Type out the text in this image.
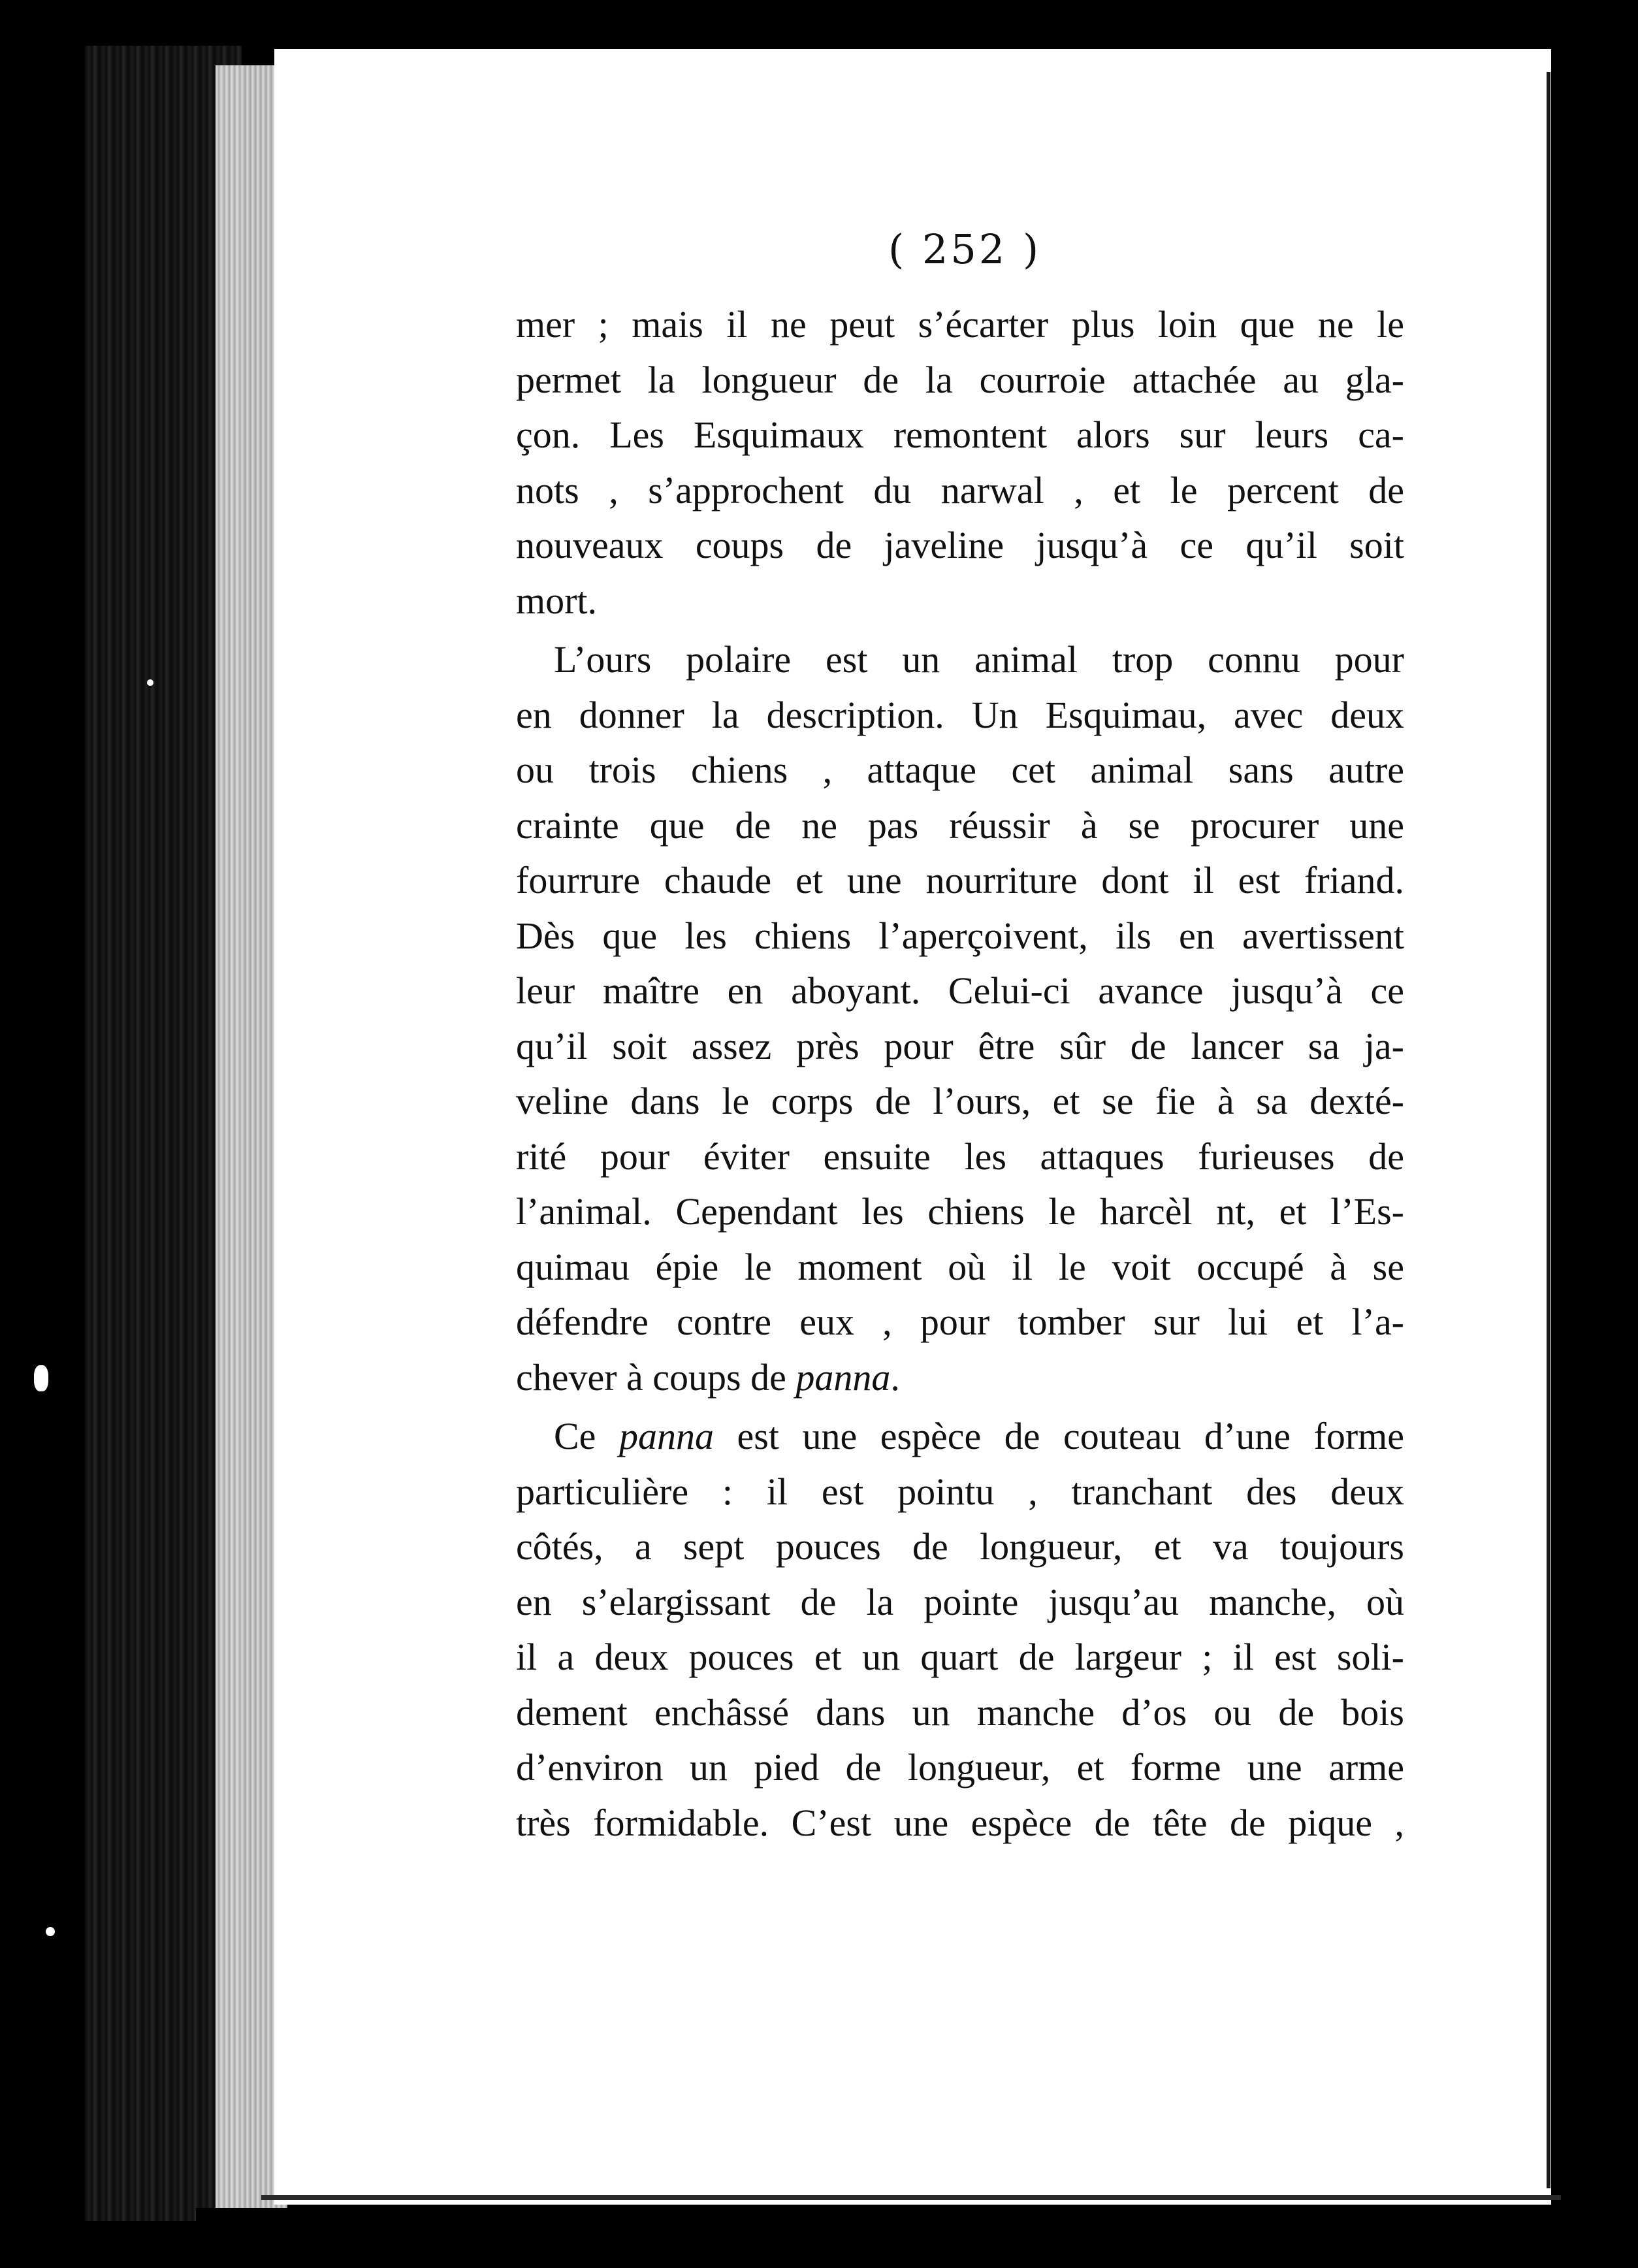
( 252 )
mer ; mais il ne peut s’écarter plus loin que ne le
permet la longueur de la courroie attachée au gla-
çon. Les Esquimaux remontent alors sur leurs ca-
nots , s’approchent du narwal , et le percent de
nouveaux coups de javeline jusqu’à ce qu’il soit
mort.
L’ours polaire est un animal trop connu pour
en donner la description. Un Esquimau, avec deux
ou trois chiens , attaque cet animal sans autre
crainte que de ne pas réussir à se procurer une
fourrure chaude et une nourriture dont il est friand.
Dès que les chiens l’aperçoivent, ils en avertissent
leur maître en aboyant. Celui-ci avance jusqu’à ce
qu’il soit assez près pour être sûr de lancer sa ja-
veline dans le corps de l’ours, et se fie à sa dexté-
rité pour éviter ensuite les attaques furieuses de
l’animal. Cependant les chiens le harcèl nt, et l’Es-
quimau épie le moment où il le voit occupé à se
défendre contre eux , pour tomber sur lui et l’a-
chever à coups de panna.
Ce panna est une espèce de couteau d’une forme
particulière : il est pointu , tranchant des deux
côtés, a sept pouces de longueur, et va toujours
en s’elargissant de la pointe jusqu’au manche, où
il a deux pouces et un quart de largeur ; il est soli-
dement enchâssé dans un manche d’os ou de bois
d’environ un pied de longueur, et forme une arme
très formidable. C’est une espèce de tête de pique ,
